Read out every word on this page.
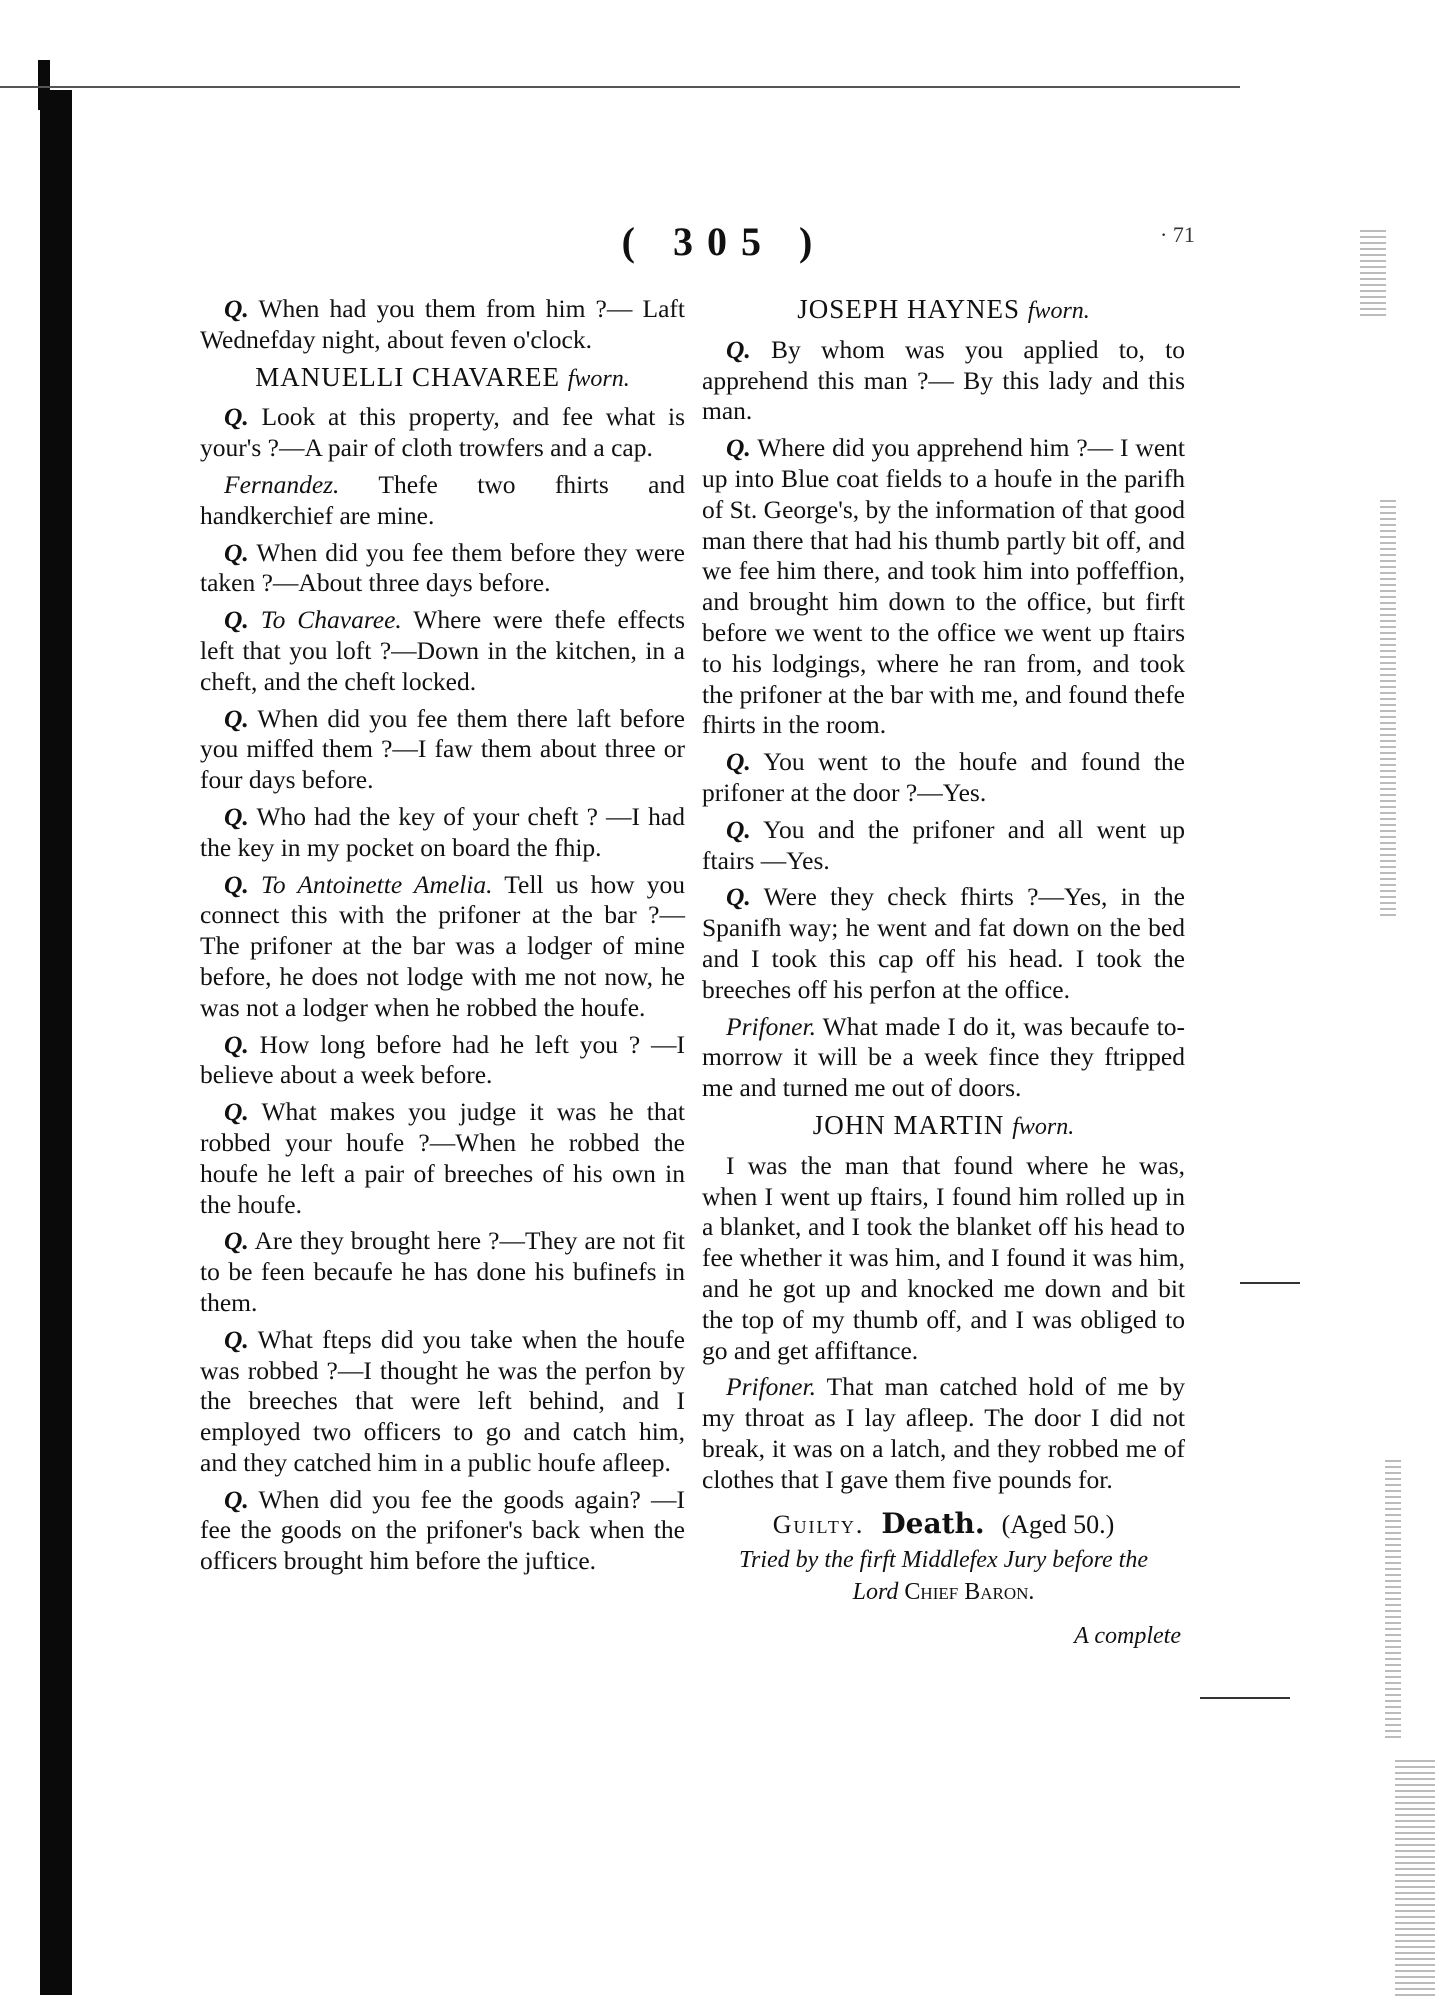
( 305 )	· 71

Q. When had you them from him ?— Laft Wednefday night, about feven o'clock.

MANUELLI CHAVAREE fworn.

Q. Look at this property, and fee what is your's ?—A pair of cloth trowfers and a cap.

Fernandez. Thefe two fhirts and handkerchief are mine.

Q. When did you fee them before they were taken ?—About three days before.

Q. To Chavaree. Where were thefe effects left that you loft ?—Down in the kitchen, in a cheft, and the cheft locked.

Q. When did you fee them there laft before you miffed them ?—I faw them about three or four days before.

Q. Who had the key of your cheft ? —I had the key in my pocket on board the fhip.

Q. To Antoinette Amelia. Tell us how you connect this with the prifoner at the bar ?— The prifoner at the bar was a lodger of mine before, he does not lodge with me not now, he was not a lodger when he robbed the houfe.

Q. How long before had he left you ? —I believe about a week before.

Q. What makes you judge it was he that robbed your houfe ?—When he robbed the houfe he left a pair of breeches of his own in the houfe.

Q. Are they brought here ?—They are not fit to be feen becaufe he has done his bufinefs in them.

Q. What fteps did you take when the houfe was robbed ?—I thought he was the perfon by the breeches that were left behind, and I employed two officers to go and catch him, and they catched him in a public houfe afleep.

Q. When did you fee the goods again? —I fee the goods on the prifoner's back when the officers brought him before the juftice.

JOSEPH HAYNES fworn.

Q. By whom was you applied to, to apprehend this man ?— By this lady and this man.

Q. Where did you apprehend him ?— I went up into Blue coat fields to a houfe in the parifh of St. George's, by the information of that good man there that had his thumb partly bit off, and we fee him there, and took him into poffeffion, and brought him down to the office, but firft before we went to the office we went up ftairs to his lodgings, where he ran from, and took the prifoner at the bar with me, and found thefe fhirts in the room.

Q. You went to the houfe and found the prifoner at the door ?—Yes.

Q. You and the prifoner and all went up ftairs —Yes.

Q. Were they check fhirts ?—Yes, in the Spanifh way; he went and fat down on the bed and I took this cap off his head. I took the breeches off his perfon at the office.

Prifoner. What made I do it, was becaufe to-morrow it will be a week fince they ftripped me and turned me out of doors.

JOHN MARTIN fworn.

I was the man that found where he was, when I went up ftairs, I found him rolled up in a blanket, and I took the blanket off his head to fee whether it was him, and I found it was him, and he got up and knocked me down and bit the top of my thumb off, and I was obliged to go and get affiftance.

Prifoner. That man catched hold of me by my throat as I lay afleep. The door I did not break, it was on a latch, and they robbed me of clothes that I gave them five pounds for.

Guilty. Death. (Aged 50.)
Tried by the firft Middlefex Jury before the
Lord Chief Baron.
A complete
